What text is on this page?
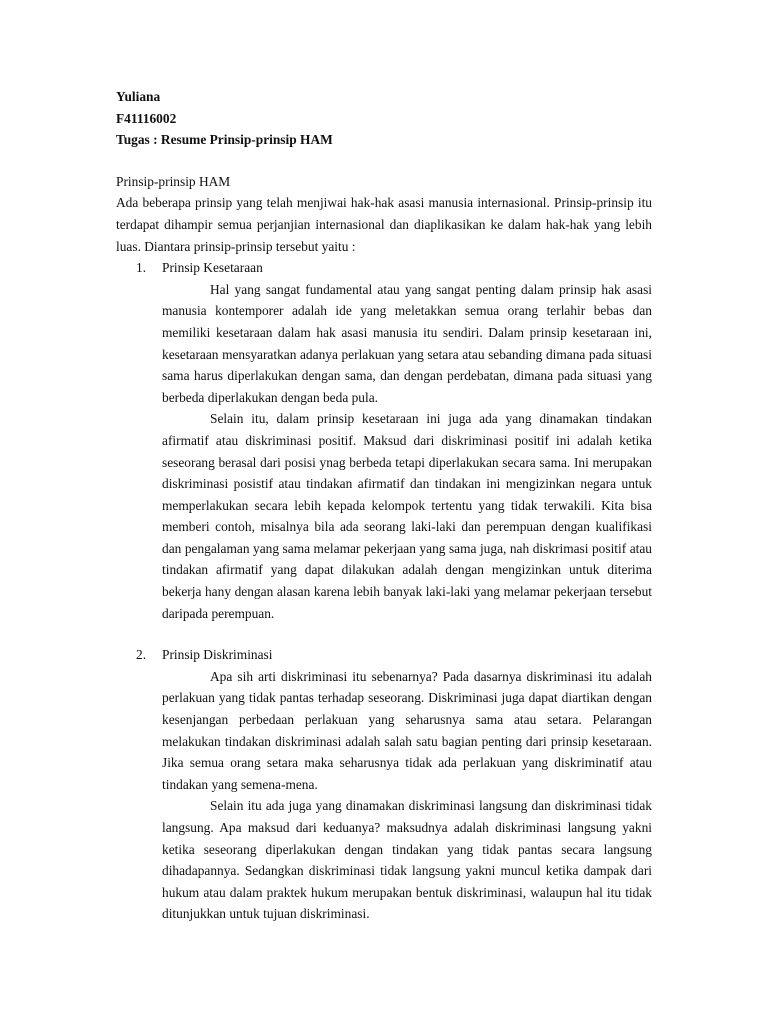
Yuliana
F41116002
Tugas : Resume Prinsip-prinsip HAM
Prinsip-prinsip HAM
Ada beberapa prinsip yang telah menjiwai hak-hak asasi manusia internasional. Prinsip-prinsip itu terdapat dihampir semua perjanjian internasional dan diaplikasikan ke dalam hak-hak yang lebih luas. Diantara prinsip-prinsip tersebut yaitu :
1. Prinsip Kesetaraan
Hal yang sangat fundamental atau yang sangat penting dalam prinsip hak asasi manusia kontemporer adalah ide yang meletakkan semua orang terlahir bebas dan memiliki kesetaraan dalam hak asasi manusia itu sendiri. Dalam prinsip kesetaraan ini, kesetaraan mensyaratkan adanya perlakuan yang setara atau sebanding dimana pada situasi sama harus diperlakukan dengan sama, dan dengan perdebatan, dimana pada situasi yang berbeda diperlakukan dengan beda pula.
Selain itu, dalam prinsip kesetaraan ini juga ada yang dinamakan tindakan afirmatif atau diskriminasi positif. Maksud dari diskriminasi positif ini adalah ketika seseorang berasal dari posisi ynag berbeda tetapi diperlakukan secara sama. Ini merupakan diskriminasi posistif atau tindakan afirmatif dan tindakan ini mengizinkan negara untuk memperlakukan secara lebih kepada kelompok tertentu yang tidak terwakili. Kita bisa memberi contoh, misalnya bila ada seorang laki-laki dan perempuan dengan kualifikasi dan pengalaman yang sama melamar pekerjaan yang sama juga, nah diskrimasi positif atau tindakan afirmatif yang dapat dilakukan adalah dengan mengizinkan untuk diterima bekerja hany dengan alasan karena lebih banyak laki-laki yang melamar pekerjaan tersebut daripada perempuan.
2. Prinsip Diskriminasi
Apa sih arti diskriminasi itu sebenarnya? Pada dasarnya diskriminasi itu adalah perlakuan yang tidak pantas terhadap seseorang. Diskriminasi juga dapat diartikan dengan kesenjangan perbedaan perlakuan yang seharusnya sama atau setara. Pelarangan melakukan tindakan diskriminasi adalah salah satu bagian penting dari prinsip kesetaraan. Jika semua orang setara maka seharusnya tidak ada perlakuan yang diskriminatif atau tindakan yang semena-mena.
Selain itu ada juga yang dinamakan diskriminasi langsung dan diskriminasi tidak langsung. Apa maksud dari keduanya? maksudnya adalah diskriminasi langsung yakni ketika seseorang diperlakukan dengan tindakan yang tidak pantas secara langsung dihadapannya. Sedangkan diskriminasi tidak langsung yakni muncul ketika dampak dari hukum atau dalam praktek hukum merupakan bentuk diskriminasi, walaupun hal itu tidak ditunjukkan untuk tujuan diskriminasi.
